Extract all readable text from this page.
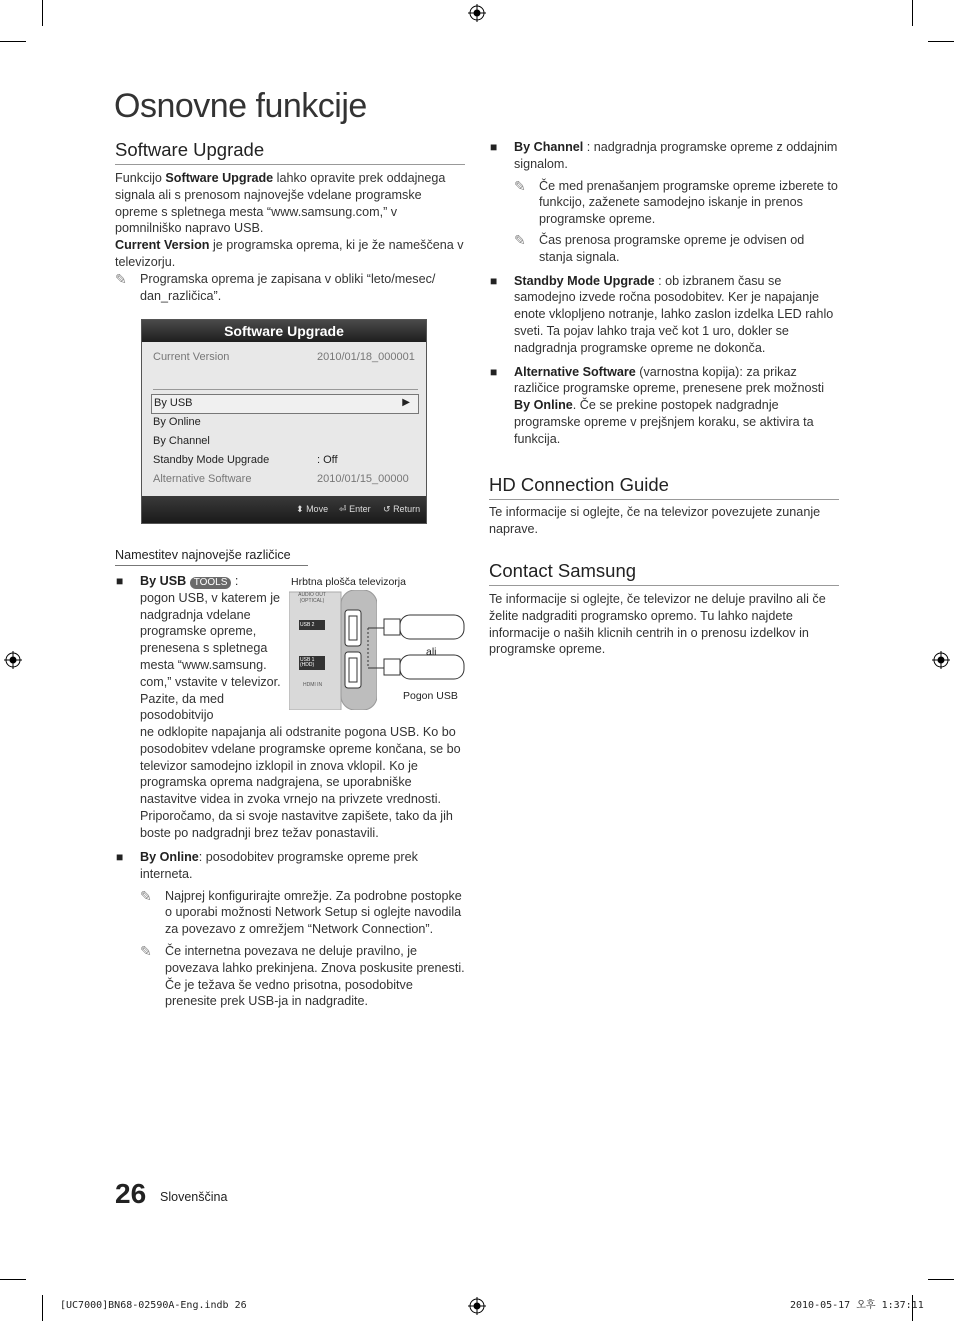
Osnovne funkcije
Software Upgrade

Funkcijo Software Upgrade lahko opravite prek oddajnega signala ali s prenosom najnovejše vdelane programske opreme s spletnega mesta “www.samsung.com,” v pomnilniško napravo USB.

Current Version je programska oprema, ki je že nameščena v televizorju.

✎ Programska oprema je zapisana v obliki “leto/mesec/ dan_različica”.
Software Upgrade
Current Version	2010/01/18_000001
By USB	▶
By Online
By Channel
Standby Mode Upgrade	: Off
Alternative Software	2010/01/15_00000
⬍ Move ⏎ Enter ↺ Return
Namestitev najnovejše različice
■ By USB TOOLS :

pogon USB, v katerem je nadgradnja vdelane programske opreme, prenesena s spletnega mesta “www.samsung. com,” vstavite v televizor. Pazite, da med posodobitvijo

ne odklopite napajanja ali odstranite pogona USB. Ko bo posodobitev vdelane programske opreme končana, se bo televizor samodejno izklopil in znova vklopil. Ko je programska oprema nadgrajena, se uporabniške nastavitve videa in zvoka vrnejo na privzete vrednosti. Priporočamo, da si svoje nastavitve zapišete, tako da jih boste po nadgradnji brez težav ponastavili.
Hrbtna plošča televizorja
AUDIO OUT (OPTICAL)
USB 2
USB 1 (HDD)
HDMI IN
ali
Pogon USB
■ By Online: posodobitev programske opreme prek interneta.
✎ Najprej konfigurirajte omrežje. Za podrobne postopke o uporabi možnosti Network Setup si oglejte navodila za povezavo z omrežjem “Network Connection”.
✎ Če internetna povezava ne deluje pravilno, je povezava lahko prekinjena. Znova poskusite prenesti. Če je težava še vedno prisotna, posodobitve prenesite prek USB-ja in nadgradite.
■ By Channel : nadgradnja programske opreme z oddajnim signalom.
✎ Če med prenašanjem programske opreme izberete to funkcijo, zaženete samodejno iskanje in prenos programske opreme.
✎ Čas prenosa programske opreme je odvisen od stanja signala.
■ Standby Mode Upgrade : ob izbranem času se samodejno izvede ročna posodobitev. Ker je napajanje enote vklopljeno notranje, lahko zaslon izdelka LED rahlo sveti. Ta pojav lahko traja več kot 1 uro, dokler se nadgradnja programske opreme ne dokonča.
■ Alternative Software (varnostna kopija): za prikaz različice programske opreme, prenesene prek možnosti By Online. Če se prekine postopek nadgradnje programske opreme v prejšnjem koraku, se aktivira ta funkcija.
HD Connection Guide
Te informacije si oglejte, če na televizor povezujete zunanje naprave.
Contact Samsung
Te informacije si oglejte, če televizor ne deluje pravilno ali če želite nadgraditi programsko opremo. Tu lahko najdete informacije o naših klicnih centrih in o prenosu izdelkov in programske opreme.
26 Slovenščina
[UC7000]BN68-02590A-Eng.indb 26	2010-05-17 오후 1:37:11
